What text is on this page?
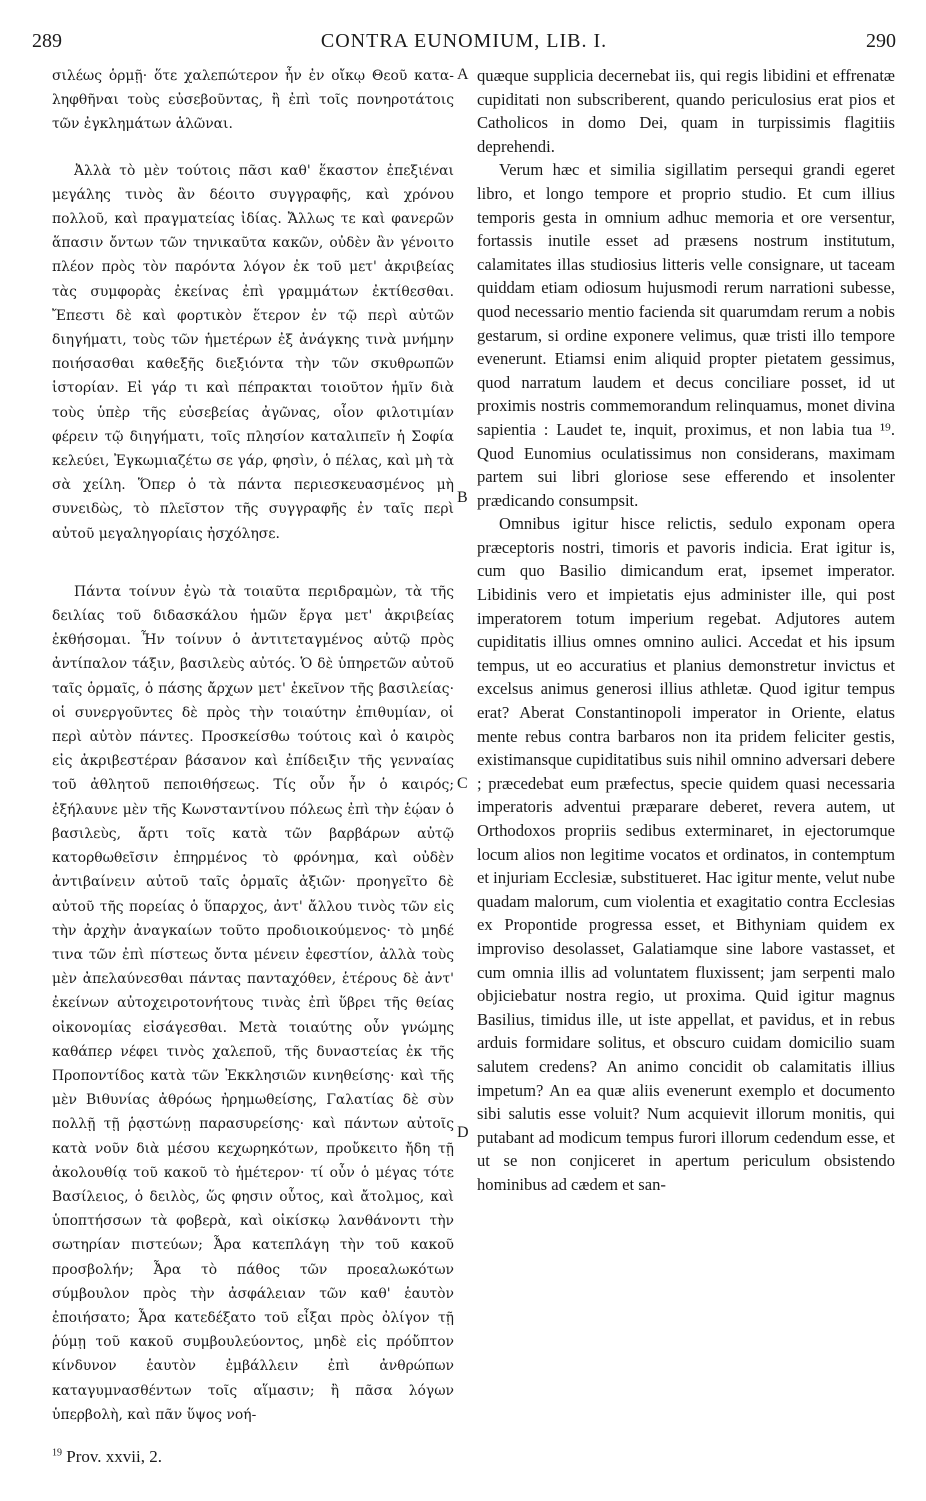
289	CONTRA EUNOMIUM, LIB. I.	290

σιλέως ὁρμῇ· ὅτε χαλεπώτερον ἦν ἐν οἴκῳ Θεοῦ κατα- ληφθῆναι τοὺς εὐσεβοῦντας, ἢ ἐπὶ τοῖς πονηροτάτοις τῶν ἐγκλημάτων ἁλῶναι.

Ἀλλὰ τὸ μὲν τούτοις πᾶσι καθ' ἕκαστον ἐπεξιέναι μεγάλης τινὸς ἂν δέοιτο συγγραφῆς, καὶ χρόνου πολλοῦ, καὶ πραγματείας ἰδίας. Ἄλλως τε καὶ φανερῶν ἅπασιν ὄντων τῶν τηνικαῦτα κακῶν, οὐδὲν ἂν γένοιτο πλέον πρὸς τὸν παρόντα λόγον ἐκ τοῦ μετ' ἀκριβείας τὰς συμφορὰς ἐκείνας ἐπὶ γραμμάτων ἐκτίθεσθαι. Ἔπεστι δὲ καὶ φορτικὸν ἕτερον ἐν τῷ περὶ αὐτῶν διηγήματι, τοὺς τῶν ἡμετέρων ἐξ ἀνάγκης τινὰ μνήμην ποιήσασθαι καθεξῆς διεξιόντα τὴν τῶν σκυθρωπῶν ἱστορίαν. Εἰ γάρ τι καὶ πέπρακται τοιοῦτον ἡμῖν διὰ τοὺς ὑπὲρ τῆς εὐσεβείας ἀγῶνας, οἷον φιλοτιμίαν φέρειν τῷ διηγήματι, τοῖς πλησίον καταλιπεῖν ἡ Σοφία κελεύει, Ἐγκωμιαζέτω σε γάρ, φησὶν, ὁ πέλας, καὶ μὴ τὰ σὰ χείλη. Ὅπερ ὁ τὰ πάντα περιεσκευασμένος μὴ συνειδὼς, τὸ πλεῖστον τῆς συγγραφῆς ἐν ταῖς περὶ αὐτοῦ μεγαληγορίαις ἠσχόλησε.

Πάντα τοίνυν ἐγὼ τὰ τοιαῦτα περιδραμὼν, τὰ τῆς δειλίας τοῦ διδασκάλου ἡμῶν ἔργα μετ' ἀκριβείας ἐκθήσομαι. Ἦν τοίνυν ὁ ἀντιτεταγμένος αὐτῷ πρὸς ἀντίπαλον τάξιν, βασιλεὺς αὐτός. Ὁ δὲ ὑπηρετῶν αὐτοῦ ταῖς ὁρμαῖς, ὁ πάσης ἄρχων μετ' ἐκεῖνον τῆς βασιλείας· οἱ συνεργοῦντες δὲ πρὸς τὴν τοιαύτην ἐπιθυμίαν, οἱ περὶ αὐτὸν πάντες. Προσκείσθω τούτοις καὶ ὁ καιρὸς εἰς ἀκριβεστέραν βάσανον καὶ ἐπίδειξιν τῆς γενναίας τοῦ ἀθλητοῦ πεποιθήσεως. Τίς οὖν ἦν ὁ καιρός; ἐξήλαυνε μὲν τῆς Κωνσταντίνου πόλεως ἐπὶ τὴν ἑῴαν ὁ βασιλεὺς, ἄρτι τοῖς κατὰ τῶν βαρβάρων αὐτῷ κατορθωθεῖσιν ἐπηρμένος τὸ φρόνημα, καὶ οὐδὲν ἀντιβαίνειν αὐτοῦ ταῖς ὁρμαῖς ἀξιῶν· προηγεῖτο δὲ αὐτοῦ τῆς πορείας ὁ ὕπαρχος, ἀντ' ἄλλου τινὸς τῶν εἰς τὴν ἀρχὴν ἀναγκαίων τοῦτο προδιοικούμενος· τὸ μηδέ τινα τῶν ἐπὶ πίστεως ὄντα μένειν ἐφεστίον, ἀλλὰ τοὺς μὲν ἀπελαύνεσθαι πάντας πανταχόθεν, ἑτέρους δὲ ἀντ' ἐκείνων αὐτοχειροτονήτους τινὰς ἐπὶ ὕβρει τῆς θείας οἰκονομίας εἰσάγεσθαι. Μετὰ τοιαύτης οὖν γνώμης καθάπερ νέφει τινὸς χαλεποῦ, τῆς δυναστείας ἐκ τῆς Προποντίδος κατὰ τῶν Ἐκκλησιῶν κινηθείσης· καὶ τῆς μὲν Βιθυνίας ἀθρόως ἠρημωθείσης, Γαλατίας δὲ σὺν πολλῇ τῇ ῥᾳστώνῃ παρασυρείσης· καὶ πάντων αὐτοῖς κατὰ νοῦν διὰ μέσου κεχωρηκότων, προὔκειτο ἤδη τῇ ἀκολουθίᾳ τοῦ κακοῦ τὸ ἡμέτερον· τί οὖν ὁ μέγας τότε Βασίλειος, ὁ δειλὸς, ὥς φησιν οὗτος, καὶ ἄτολμος, καὶ ὑποπτήσσων τὰ φοβερὰ, καὶ οἰκίσκῳ λανθάνοντι τὴν σωτηρίαν πιστεύων; Ἆρα κατεπλάγη τὴν τοῦ κακοῦ προσβολήν; Ἆρα τὸ πάθος τῶν προεαλωκότων σύμβουλον πρὸς τὴν ἀσφάλειαν τῶν καθ' ἑαυτὸν ἐποιήσατο; Ἆρα κατεδέξατο τοῦ εἶξαι πρὸς ὀλίγον τῇ ῥύμῃ τοῦ κακοῦ συμβουλεύοντος, μηδὲ εἰς πρόὔπτον κίνδυνον ἑαυτὸν ἐμβάλλειν ἐπὶ ἀνθρώπων καταγυμνασθέντων τοῖς αἵμασιν; ἢ πᾶσα λόγων ὑπερβολὴ, καὶ πᾶν ὕψος νοή-

quæque supplicia decernebat iis, qui regis libidini et effrenatæ cupiditati non subscriberent, quando periculosius erat pios et Catholicos in domo Dei, quam in turpissimis flagitiis deprehendi.

Verum hæc et similia sigillatim persequi grandi egeret libro, et longo tempore et proprio studio. Et cum illius temporis gesta in omnium adhuc memoria et ore versentur, fortassis inutile esset ad præsens nostrum institutum, calamitates illas studiosius litteris velle consignare, ut taceam quiddam etiam odiosum hujusmodi rerum narrationi subesse, quod necessario mentio facienda sit quarumdam rerum a nobis gestarum, si ordine exponere velimus, quæ tristi illo tempore evenerunt. Etiamsi enim aliquid propter pietatem gessimus, quod narratum laudem et decus conciliare posset, id ut proximis nostris commemorandum relinquamus, monet divina sapientia : Laudet te, inquit, proximus, et non labia tua ¹⁹. Quod Eunomius oculatissimus non considerans, maximam partem sui libri gloriose sese efferendo et insolenter prædicando consumpsit.

Omnibus igitur hisce relictis, sedulo exponam opera præceptoris nostri, timoris et pavoris indicia. Erat igitur is, cum quo Basilio dimicandum erat, ipsemet imperator. Libidinis vero et impietatis ejus administer ille, qui post imperatorem totum imperium regebat. Adjutores autem cupiditatis illius omnes omnino aulici. Accedat et his ipsum tempus, ut eo accuratius et planius demonstretur invictus et excelsus animus generosi illius athletæ. Quod igitur tempus erat? Aberat Constantinopoli imperator in Oriente, elatus mente rebus contra barbaros non ita pridem feliciter gestis, existimansque cupiditatibus suis nihil omnino adversari debere ; præcedebat eum præfectus, specie quidem quasi necessaria imperatoris adventui præparare deberet, revera autem, ut Orthodoxos propriis sedibus exterminaret, in ejectorumque locum alios non legitime vocatos et ordinatos, in contemptum et injuriam Ecclesiæ, substitueret. Hac igitur mente, velut nube quadam malorum, cum violentia et exagitatio contra Ecclesias ex Propontide progressa esset, et Bithyniam quidem ex improviso desolasset, Galatiamque sine labore vastasset, et cum omnia illis ad voluntatem fluxissent; jam serpenti malo objiciebatur nostra regio, ut proxima. Quid igitur magnus Basilius, timidus ille, ut iste appellat, et pavidus, et in rebus arduis formidare solitus, et obscuro cuidam domicilio suam salutem credens? An animo concidit ob calamitatis illius impetum? An ea quæ aliis evenerunt exemplo et documento sibi salutis esse voluit? Num acquievit illorum monitis, qui putabant ad modicum tempus furori illorum cedendum esse, et ut se non conjiceret in apertum periculum obsistendo hominibus ad cædem et san-

A
B
C
D
$^{19}$ Prov. xxvii, 2.
